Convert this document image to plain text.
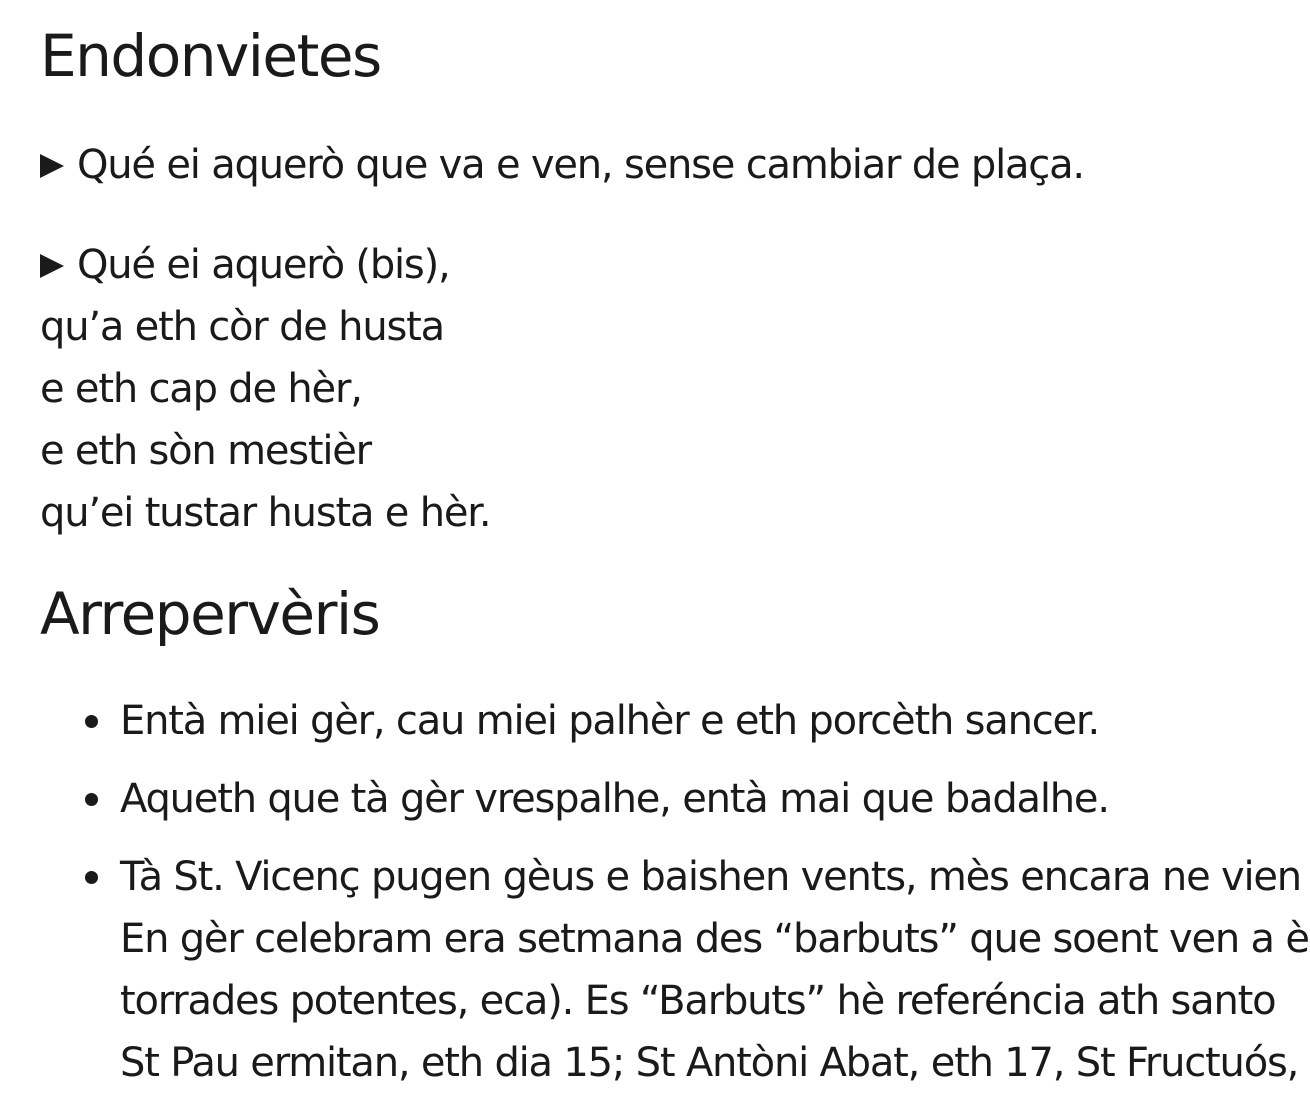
Endonvietes
Qué ei aquerò que va e ven, sense cambiar de plaça.
Qué ei aquerò (bis),
qu’a eth còr de husta
e eth cap de hèr,
e eth sòn mestièr
qu’ei tustar husta e hèr.
Arrepervèris
Entà miei gèr, cau miei palhèr e eth porcèth sancer.
Aqueth que tà gèr vrespalhe, entà mai que badalhe.
Tà St. Vicenç pugen gèus e baishen vents, mès encara ne vien
En gèr celebram era setmana des “barbuts” que soent ven a è
torrades potentes, eca). Es “Barbuts” hè referéncia ath santo
St Pau ermitan, eth dia 15; St Antòni Abat, eth 17, St Fructuós,
